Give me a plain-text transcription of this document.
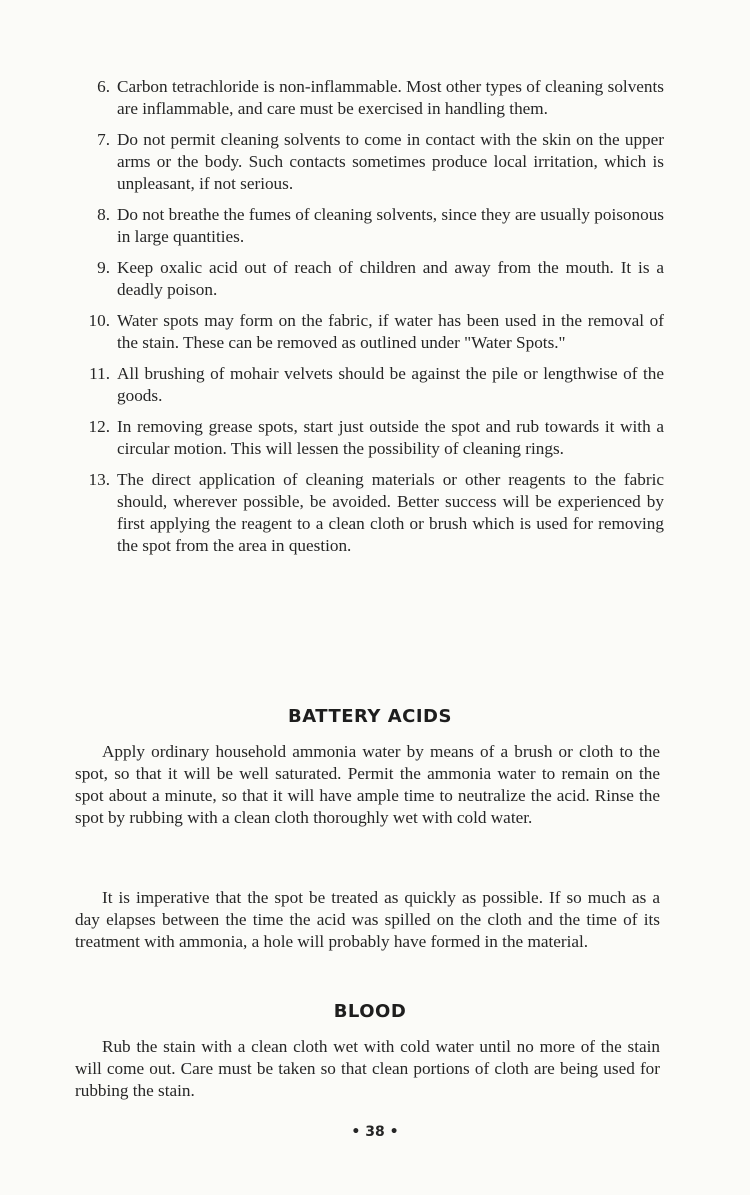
6. Carbon tetrachloride is non-inflammable. Most other types of cleaning solvents are inflammable, and care must be exercised in handling them.
7. Do not permit cleaning solvents to come in contact with the skin on the upper arms or the body. Such contacts sometimes produce local irritation, which is unpleasant, if not serious.
8. Do not breathe the fumes of cleaning solvents, since they are usually poisonous in large quantities.
9. Keep oxalic acid out of reach of children and away from the mouth. It is a deadly poison.
10. Water spots may form on the fabric, if water has been used in the removal of the stain. These can be removed as outlined under "Water Spots."
11. All brushing of mohair velvets should be against the pile or lengthwise of the goods.
12. In removing grease spots, start just outside the spot and rub towards it with a circular motion. This will lessen the possibility of cleaning rings.
13. The direct application of cleaning materials or other reagents to the fabric should, wherever possible, be avoided. Better success will be experienced by first applying the reagent to a clean cloth or brush which is used for removing the spot from the area in question.
BATTERY ACIDS
Apply ordinary household ammonia water by means of a brush or cloth to the spot, so that it will be well saturated. Permit the ammonia water to remain on the spot about a minute, so that it will have ample time to neutralize the acid. Rinse the spot by rubbing with a clean cloth thoroughly wet with cold water.
It is imperative that the spot be treated as quickly as possible. If so much as a day elapses between the time the acid was spilled on the cloth and the time of its treatment with ammonia, a hole will probably have formed in the material.
BLOOD
Rub the stain with a clean cloth wet with cold water until no more of the stain will come out. Care must be taken so that clean portions of cloth are being used for rubbing the stain.
• 38 •
